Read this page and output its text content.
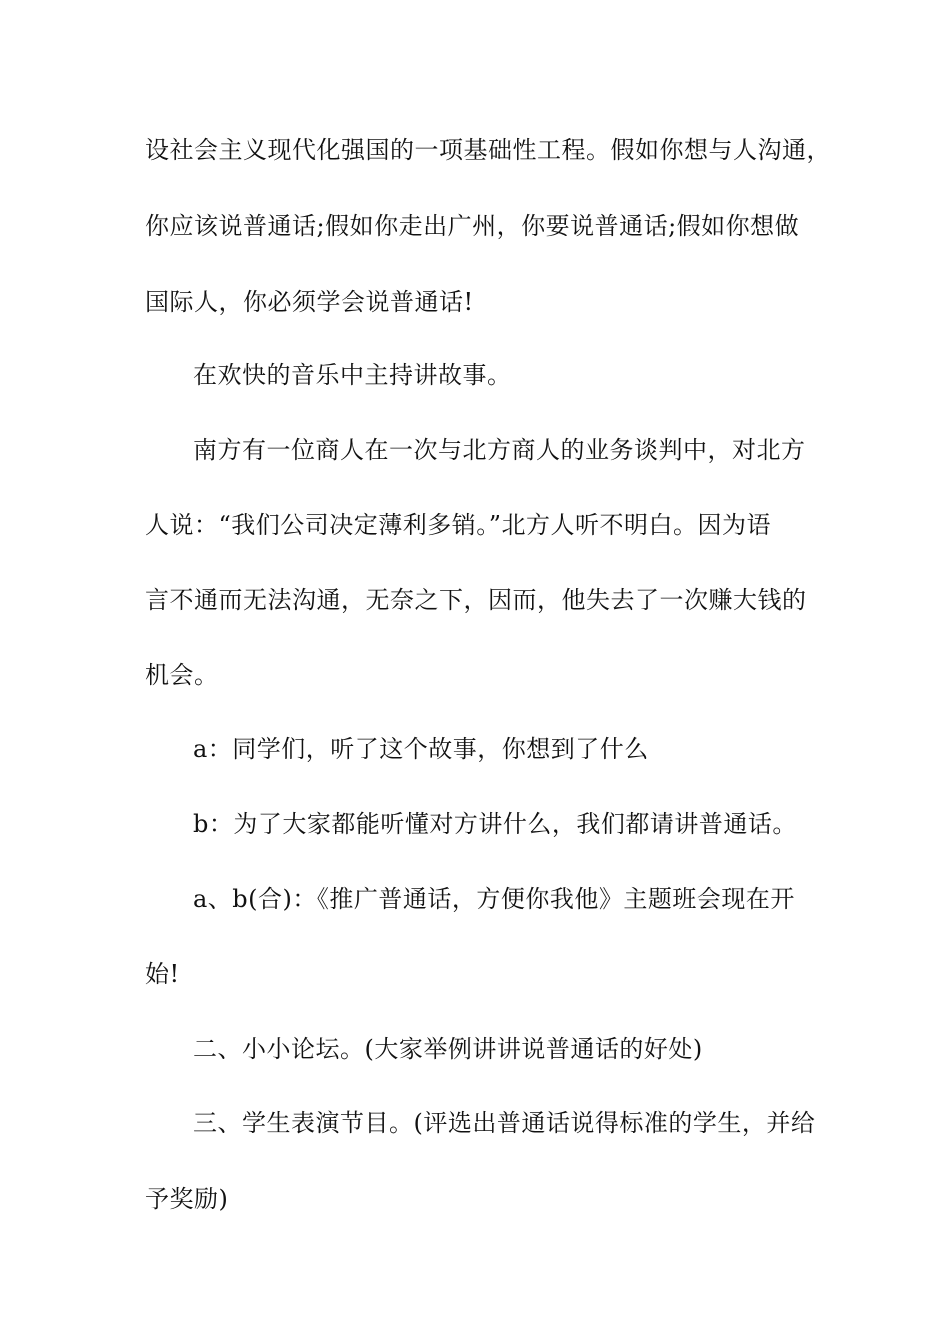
设社会主义现代化强国的一项基础性工程。假如你想与人沟通，
你应该说普通话;假如你走出广州，你要说普通话;假如你想做
国际人，你必须学会说普通话!
在欢快的音乐中主持讲故事。
南方有一位商人在一次与北方商人的业务谈判中，对北方
人说：“我们公司决定薄利多销。”北方人听不明白。因为语
言不通而无法沟通，无奈之下，因而，他失去了一次赚大钱的
机会。
a：同学们，听了这个故事，你想到了什么
b：为了大家都能听懂对方讲什么，我们都请讲普通话。
a、b(合)：《推广普通话，方便你我他》主题班会现在开
始!
二、小小论坛。(大家举例讲讲说普通话的好处)
三、学生表演节目。(评选出普通话说得标准的学生，并给
予奖励)
